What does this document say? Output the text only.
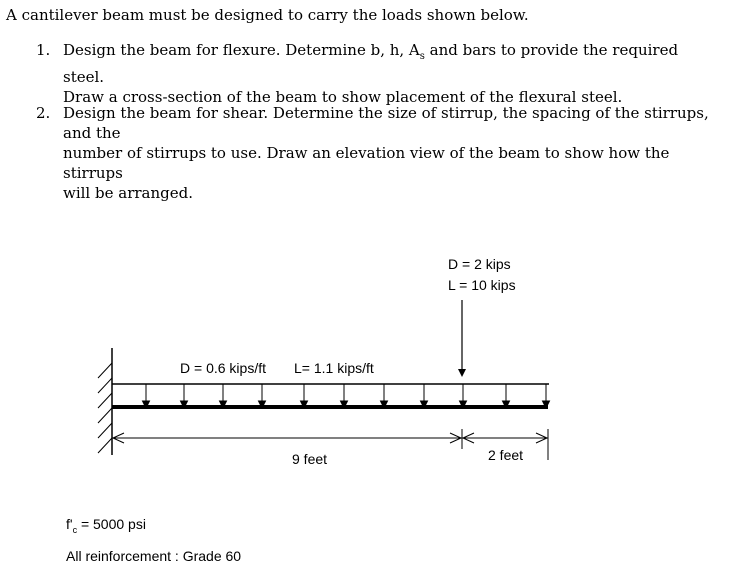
A cantilever beam must be designed to carry the loads shown below.

1. Design the beam for flexure. Determine b, h, $A_s$ and bars to provide the required steel.
Draw a cross-section of the beam to show placement of the flexural steel.
2. Design the beam for shear. Determine the size of stirrup, the spacing of the stirrups, and the
number of stirrups to use. Draw an elevation view of the beam to show how the stirrups
will be arranged.
D = 2 kips
L = 10 kips
D = 0.6 kips/ft L= 1.1 kips/ft
9 feet	2 feet
$f'_c = 5000$ psi
All reinforcement : Grade 60
